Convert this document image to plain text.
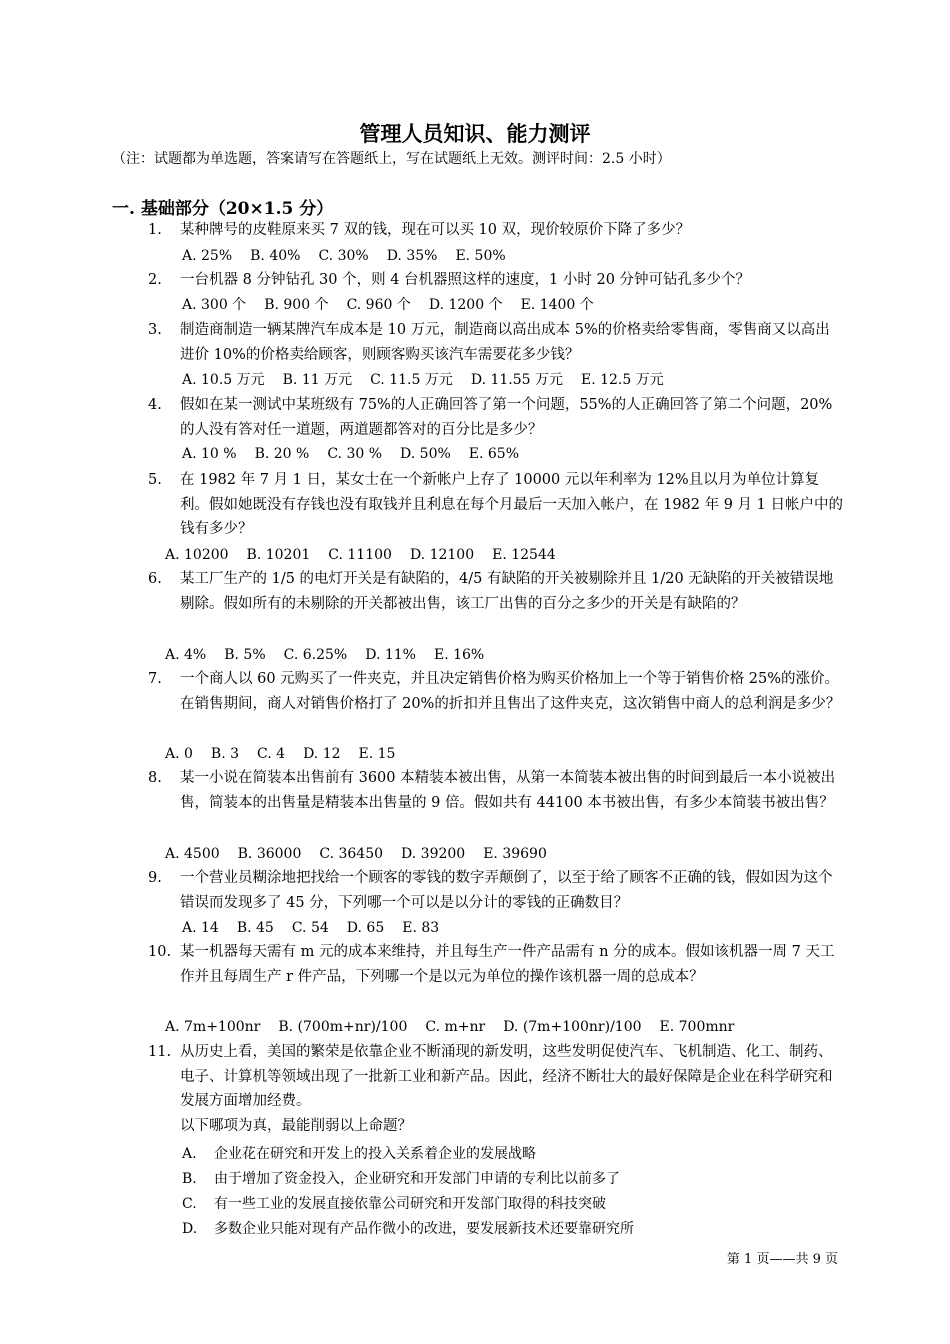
管理人员知识、能力测评
（注：试题都为单选题，答案请写在答题纸上，写在试题纸上无效。测评时间：2.5 小时）
一. 基础部分（20×1.5 分）
1.	某种牌号的皮鞋原来买 7 双的钱，现在可以买 10 双，现价较原价下降了多少？
A. 25% B. 40% C. 30% D. 35% E. 50%
2.	一台机器 8 分钟钻孔 30 个，则 4 台机器照这样的速度，1 小时 20 分钟可钻孔多少个？
A. 300 个 B. 900 个 C. 960 个 D. 1200 个 E. 1400 个
3.	制造商制造一辆某牌汽车成本是 10 万元，制造商以高出成本 5%的价格卖给零售商，零售商又以高出进价 10%的价格卖给顾客，则顾客购买该汽车需要花多少钱？
A. 10.5 万元 B. 11 万元 C. 11.5 万元 D. 11.55 万元 E. 12.5 万元
4.	假如在某一测试中某班级有 75%的人正确回答了第一个问题，55%的人正确回答了第二个问题，20%的人没有答对任一道题，两道题都答对的百分比是多少？
A. 10 % B. 20 % C. 30 % D. 50% E. 65%
5.	在 1982 年 7 月 1 日，某女士在一个新帐户上存了 10000 元以年利率为 12%且以月为单位计算复利。假如她既没有存钱也没有取钱并且利息在每个月最后一天加入帐户，在 1982 年 9 月 1 日帐户中的钱有多少？
A. 10200 B. 10201 C. 11100 D. 12100 E. 12544
6.	某工厂生产的 1/5 的电灯开关是有缺陷的，4/5 有缺陷的开关被剔除并且 1/20 无缺陷的开关被错误地剔除。假如所有的未剔除的开关都被出售，该工厂出售的百分之多少的开关是有缺陷的？
A. 4% B. 5% C. 6.25% D. 11% E. 16%
7.	一个商人以 60 元购买了一件夹克，并且决定销售价格为购买价格加上一个等于销售价格 25%的涨价。在销售期间，商人对销售价格打了 20%的折扣并且售出了这件夹克，这次销售中商人的总利润是多少？
A. 0 B. 3 C. 4 D. 12 E. 15
8.	某一小说在简装本出售前有 3600 本精装本被出售，从第一本简装本被出售的时间到最后一本小说被出售，简装本的出售量是精装本出售量的 9 倍。假如共有 44100 本书被出售，有多少本简装书被出售？
A. 4500 B. 36000 C. 36450 D. 39200 E. 39690
9.	一个营业员糊涂地把找给一个顾客的零钱的数字弄颠倒了，以至于给了顾客不正确的钱，假如因为这个错误而发现多了 45 分，下列哪一个可以是以分计的零钱的正确数目？
A. 14 B. 45 C. 54 D. 65 E. 83
10. 某一机器每天需有 m 元的成本来维持，并且每生产一件产品需有 n 分的成本。假如该机器一周 7 天工作并且每周生产 r 件产品，下列哪一个是以元为单位的操作该机器一周的总成本？
A. 7m+100nr B. (700m+nr)/100 C. m+nr D. (7m+100nr)/100 E. 700mnr
11. 从历史上看，美国的繁荣是依靠企业不断涌现的新发明，这些发明促使汽车、飞机制造、化工、制药、电子、计算机等领域出现了一批新工业和新产品。因此，经济不断壮大的最好保障是企业在科学研究和发展方面增加经费。
以下哪项为真，最能削弱以上命题？
A. 企业花在研究和开发上的投入关系着企业的发展战略
B. 由于增加了资金投入，企业研究和开发部门申请的专利比以前多了
C. 有一些工业的发展直接依靠公司研究和开发部门取得的科技突破
D. 多数企业只能对现有产品作微小的改进，要发展新技术还要靠研究所
第 1 页——共 9 页
